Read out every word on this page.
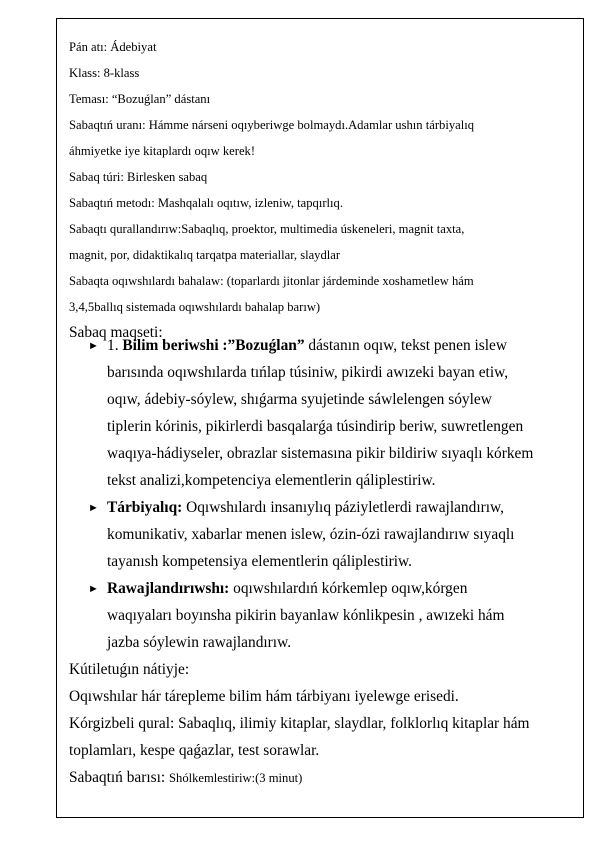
Pán atı: Ádebiyat
Klass: 8-klass
Teması: “Bozuǵlan” dástanı
Sabaqtıń uranı: Hámme nárseni oqıyberiwge bolmaydı.Adamlar ushın tárbiyalıq
áhmiyetke iye kitaplardı oqıw kerek!
Sabaq túri: Birlesken sabaq
Sabaqtıń metodı: Mashqalalı oqıtıw, izleniw, tapqırlıq.
Sabaqtı qurallandırıw:Sabaqlıq, proektor, multimedia úskeneleri, magnit taxta,
magnit, por, didaktikalıq tarqatpa materiallar, slaydlar
Sabaqta oqıwshılardı bahalaw: (toparlardı jitonlar járdeminde xoshametlew hám
3,4,5ballıq sistemada oqıwshılardı bahalap barıw)
Sabaq maqseti:
► 1. Bilim beriwshi :”Bozuǵlan” dástanın oqıw, tekst penen islew
barısında oqıwshılarda tıńlap túsiniw, pikirdi awızeki bayan etiw,
oqıw, ádebiy-sóylew, shıǵarma syujetinde sáwlelengen sóylew
tiplerin kórinis, pikirlerdi basqalarǵa túsindirip beriw, suwretlengen
waqıya-hádiyseler, obrazlar sistemasına pikir bildiriw sıyaqlı kórkem
tekst analizi,kompetenciya elementlerin qáliplestiriw.
► Tárbiyalıq: Oqıwshılardı insanıylıq páziyletlerdi rawajlandırıw,
komunikativ, xabarlar menen islew, ózin-ózi rawajlandırıw sıyaqlı
tayanısh kompetensiya elementlerin qáliplestiriw.
► Rawajlandırıwshı: oqıwshılardıń kórkemlep oqıw,kórgen
waqıyaları boyınsha pikirin bayanlaw kónlikpesin , awızeki hám
jazba sóylewin rawajlandırıw.
Kútiletuǵın nátiyje:
Oqıwshılar hár tárepleme bilim hám tárbiyanı iyelewge erisedi.
Kórgizbeli qural: Sabaqlıq, ilimiy kitaplar, slaydlar, folklorlıq kitaplar hám
toplamları, kespe qaǵazlar, test sorawlar.
Sabaqtıń barısı: Shólkemlestiriw:(3 minut)
